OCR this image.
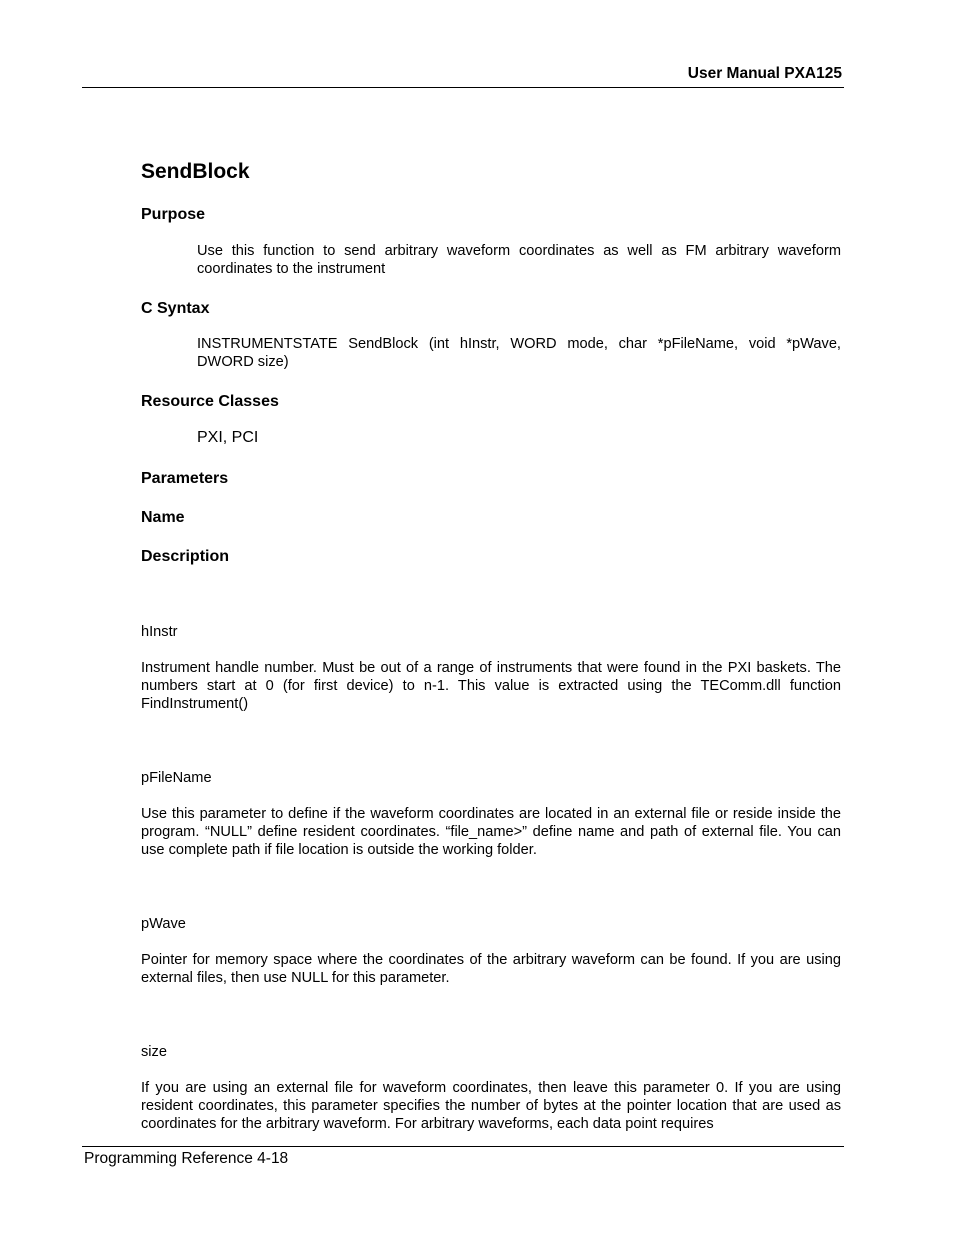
User Manual PXA125
SendBlock
Purpose
Use this function to send arbitrary waveform coordinates as well as FM arbitrary waveform coordinates to the instrument
C Syntax
INSTRUMENTSTATE SendBlock (int hInstr, WORD mode, char *pFileName, void *pWave, DWORD size)
Resource Classes
PXI, PCI
Parameters
Name
Description
hInstr
Instrument handle number. Must be out of a range of instruments that were found in the PXI baskets. The numbers start at 0 (for first device) to n-1. This value is extracted using the TEComm.dll function FindInstrument()
pFileName
Use this parameter to define if the waveform coordinates are located in an external file or reside inside the program. “NULL” define resident coordinates. “file_name>” define name and path of external file. You can use complete path if file location is outside the working folder.
pWave
Pointer for memory space where the coordinates of the arbitrary waveform can be found. If you are using external files, then use NULL for this parameter.
size
If you are using an external file for waveform coordinates, then leave this parameter 0. If you are using resident coordinates, this parameter specifies the number of bytes at the pointer location that are used as coordinates for the arbitrary waveform. For arbitrary waveforms, each data point requires
Programming Reference 4-18
